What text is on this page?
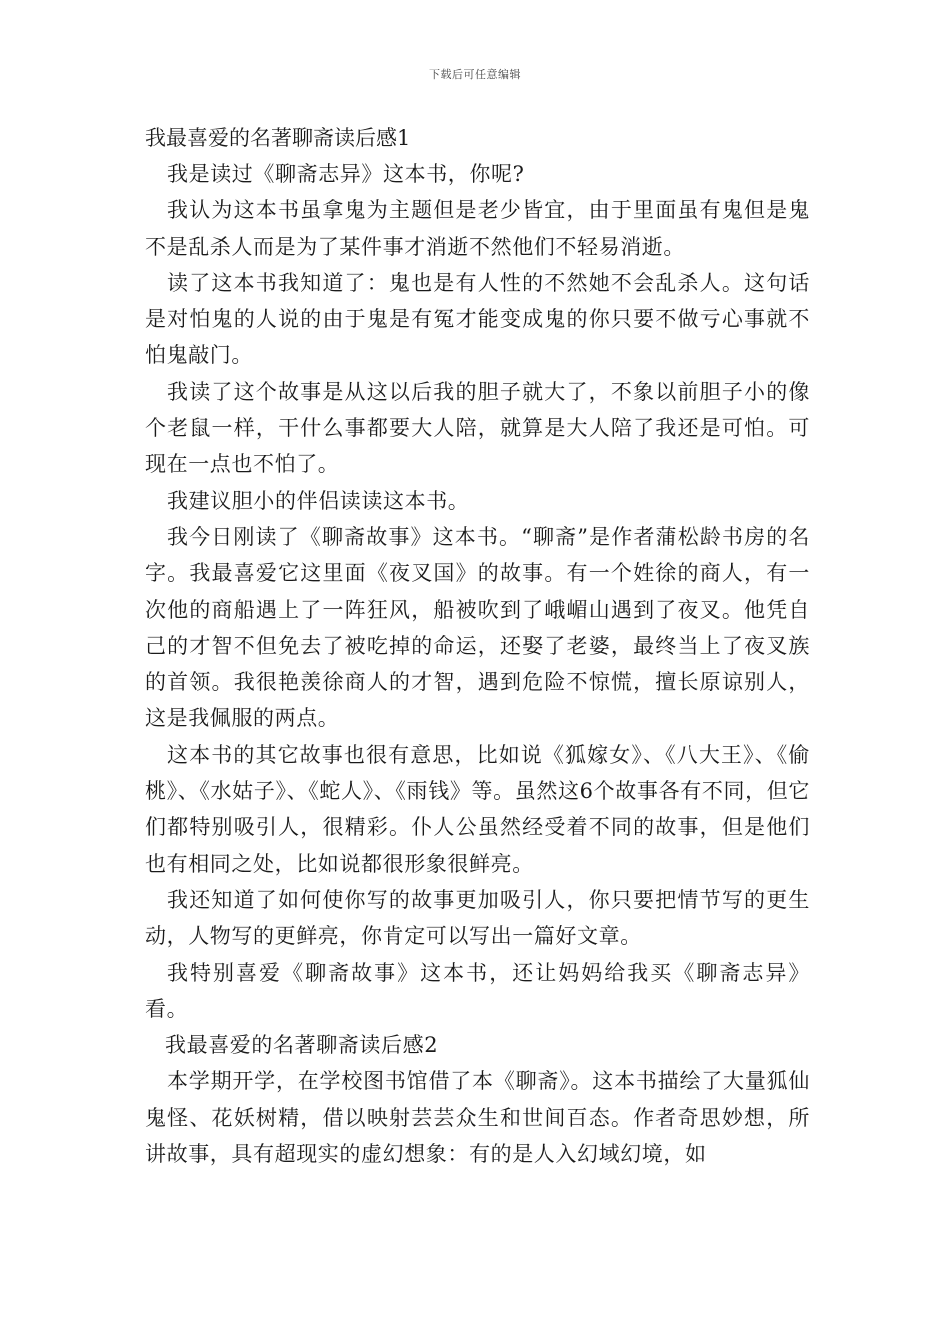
下载后可任意编辑

我最喜爱的名著聊斋读后感1

我是读过《聊斋志异》这本书，你呢?

我认为这本书虽拿鬼为主题但是老少皆宜，由于里面虽有鬼但是鬼不是乱杀人而是为了某件事才消逝不然他们不轻易消逝。

读了这本书我知道了：鬼也是有人性的不然她不会乱杀人。这句话是对怕鬼的人说的由于鬼是有冤才能变成鬼的你只要不做亏心事就不怕鬼敲门。

我读了这个故事是从这以后我的胆子就大了，不象以前胆子小的像个老鼠一样，干什么事都要大人陪，就算是大人陪了我还是可怕。可现在一点也不怕了。

我建议胆小的伴侣读读这本书。

我今日刚读了《聊斋故事》这本书。“聊斋”是作者蒲松龄书房的名字。我最喜爱它这里面《夜叉国》的故事。有一个姓徐的商人，有一次他的商船遇上了一阵狂风，船被吹到了峨嵋山遇到了夜叉。他凭自己的才智不但免去了被吃掉的命运，还娶了老婆，最终当上了夜叉族的首领。我很艳羡徐商人的才智，遇到危险不惊慌，擅长原谅别人，这是我佩服的两点。

这本书的其它故事也很有意思，比如说《狐嫁女》、《八大王》、《偷桃》、《水姑子》、《蛇人》、《雨钱》等。虽然这6个故事各有不同，但它们都特别吸引人，很精彩。仆人公虽然经受着不同的故事，但是他们也有相同之处，比如说都很形象很鲜亮。

我还知道了如何使你写的故事更加吸引人，你只要把情节写的更生动，人物写的更鲜亮，你肯定可以写出一篇好文章。

我特别喜爱《聊斋故事》这本书，还让妈妈给我买《聊斋志异》看。

我最喜爱的名著聊斋读后感2

本学期开学，在学校图书馆借了本《聊斋》。这本书描绘了大量狐仙鬼怪、花妖树精，借以映射芸芸众生和世间百态。作者奇思妙想，所讲故事，具有超现实的虚幻想象：有的是人入幻域幻境，如
